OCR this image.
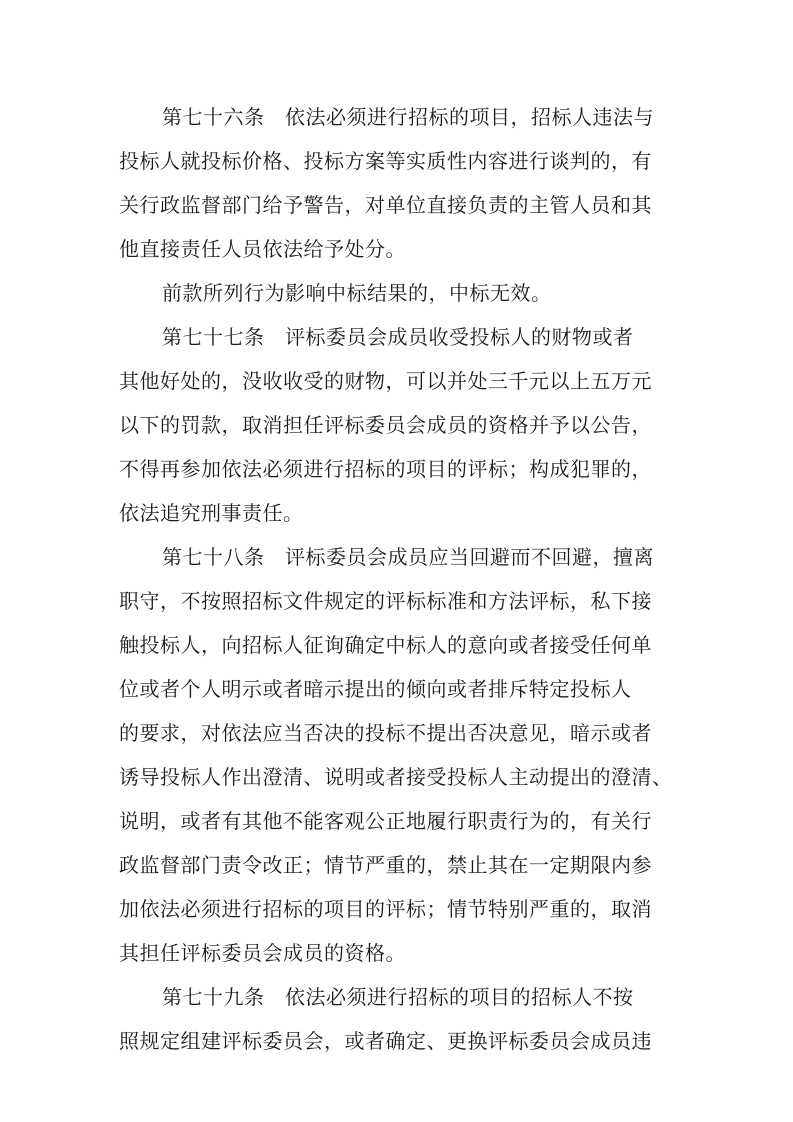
第七十六条　依法必须进行招标的项目，招标人违法与
投标人就投标价格、投标方案等实质性内容进行谈判的，有
关行政监督部门给予警告，对单位直接负责的主管人员和其
他直接责任人员依法给予处分。
前款所列行为影响中标结果的，中标无效。
第七十七条　评标委员会成员收受投标人的财物或者
其他好处的，没收收受的财物，可以并处三千元以上五万元
以下的罚款，取消担任评标委员会成员的资格并予以公告，
不得再参加依法必须进行招标的项目的评标；构成犯罪的，
依法追究刑事责任。
第七十八条　评标委员会成员应当回避而不回避，擅离
职守，不按照招标文件规定的评标标准和方法评标，私下接
触投标人，向招标人征询确定中标人的意向或者接受任何单
位或者个人明示或者暗示提出的倾向或者排斥特定投标人
的要求，对依法应当否决的投标不提出否决意见，暗示或者
诱导投标人作出澄清、说明或者接受投标人主动提出的澄清、
说明，或者有其他不能客观公正地履行职责行为的，有关行
政监督部门责令改正；情节严重的，禁止其在一定期限内参
加依法必须进行招标的项目的评标；情节特别严重的，取消
其担任评标委员会成员的资格。
第七十九条　依法必须进行招标的项目的招标人不按
照规定组建评标委员会，或者确定、更换评标委员会成员违
